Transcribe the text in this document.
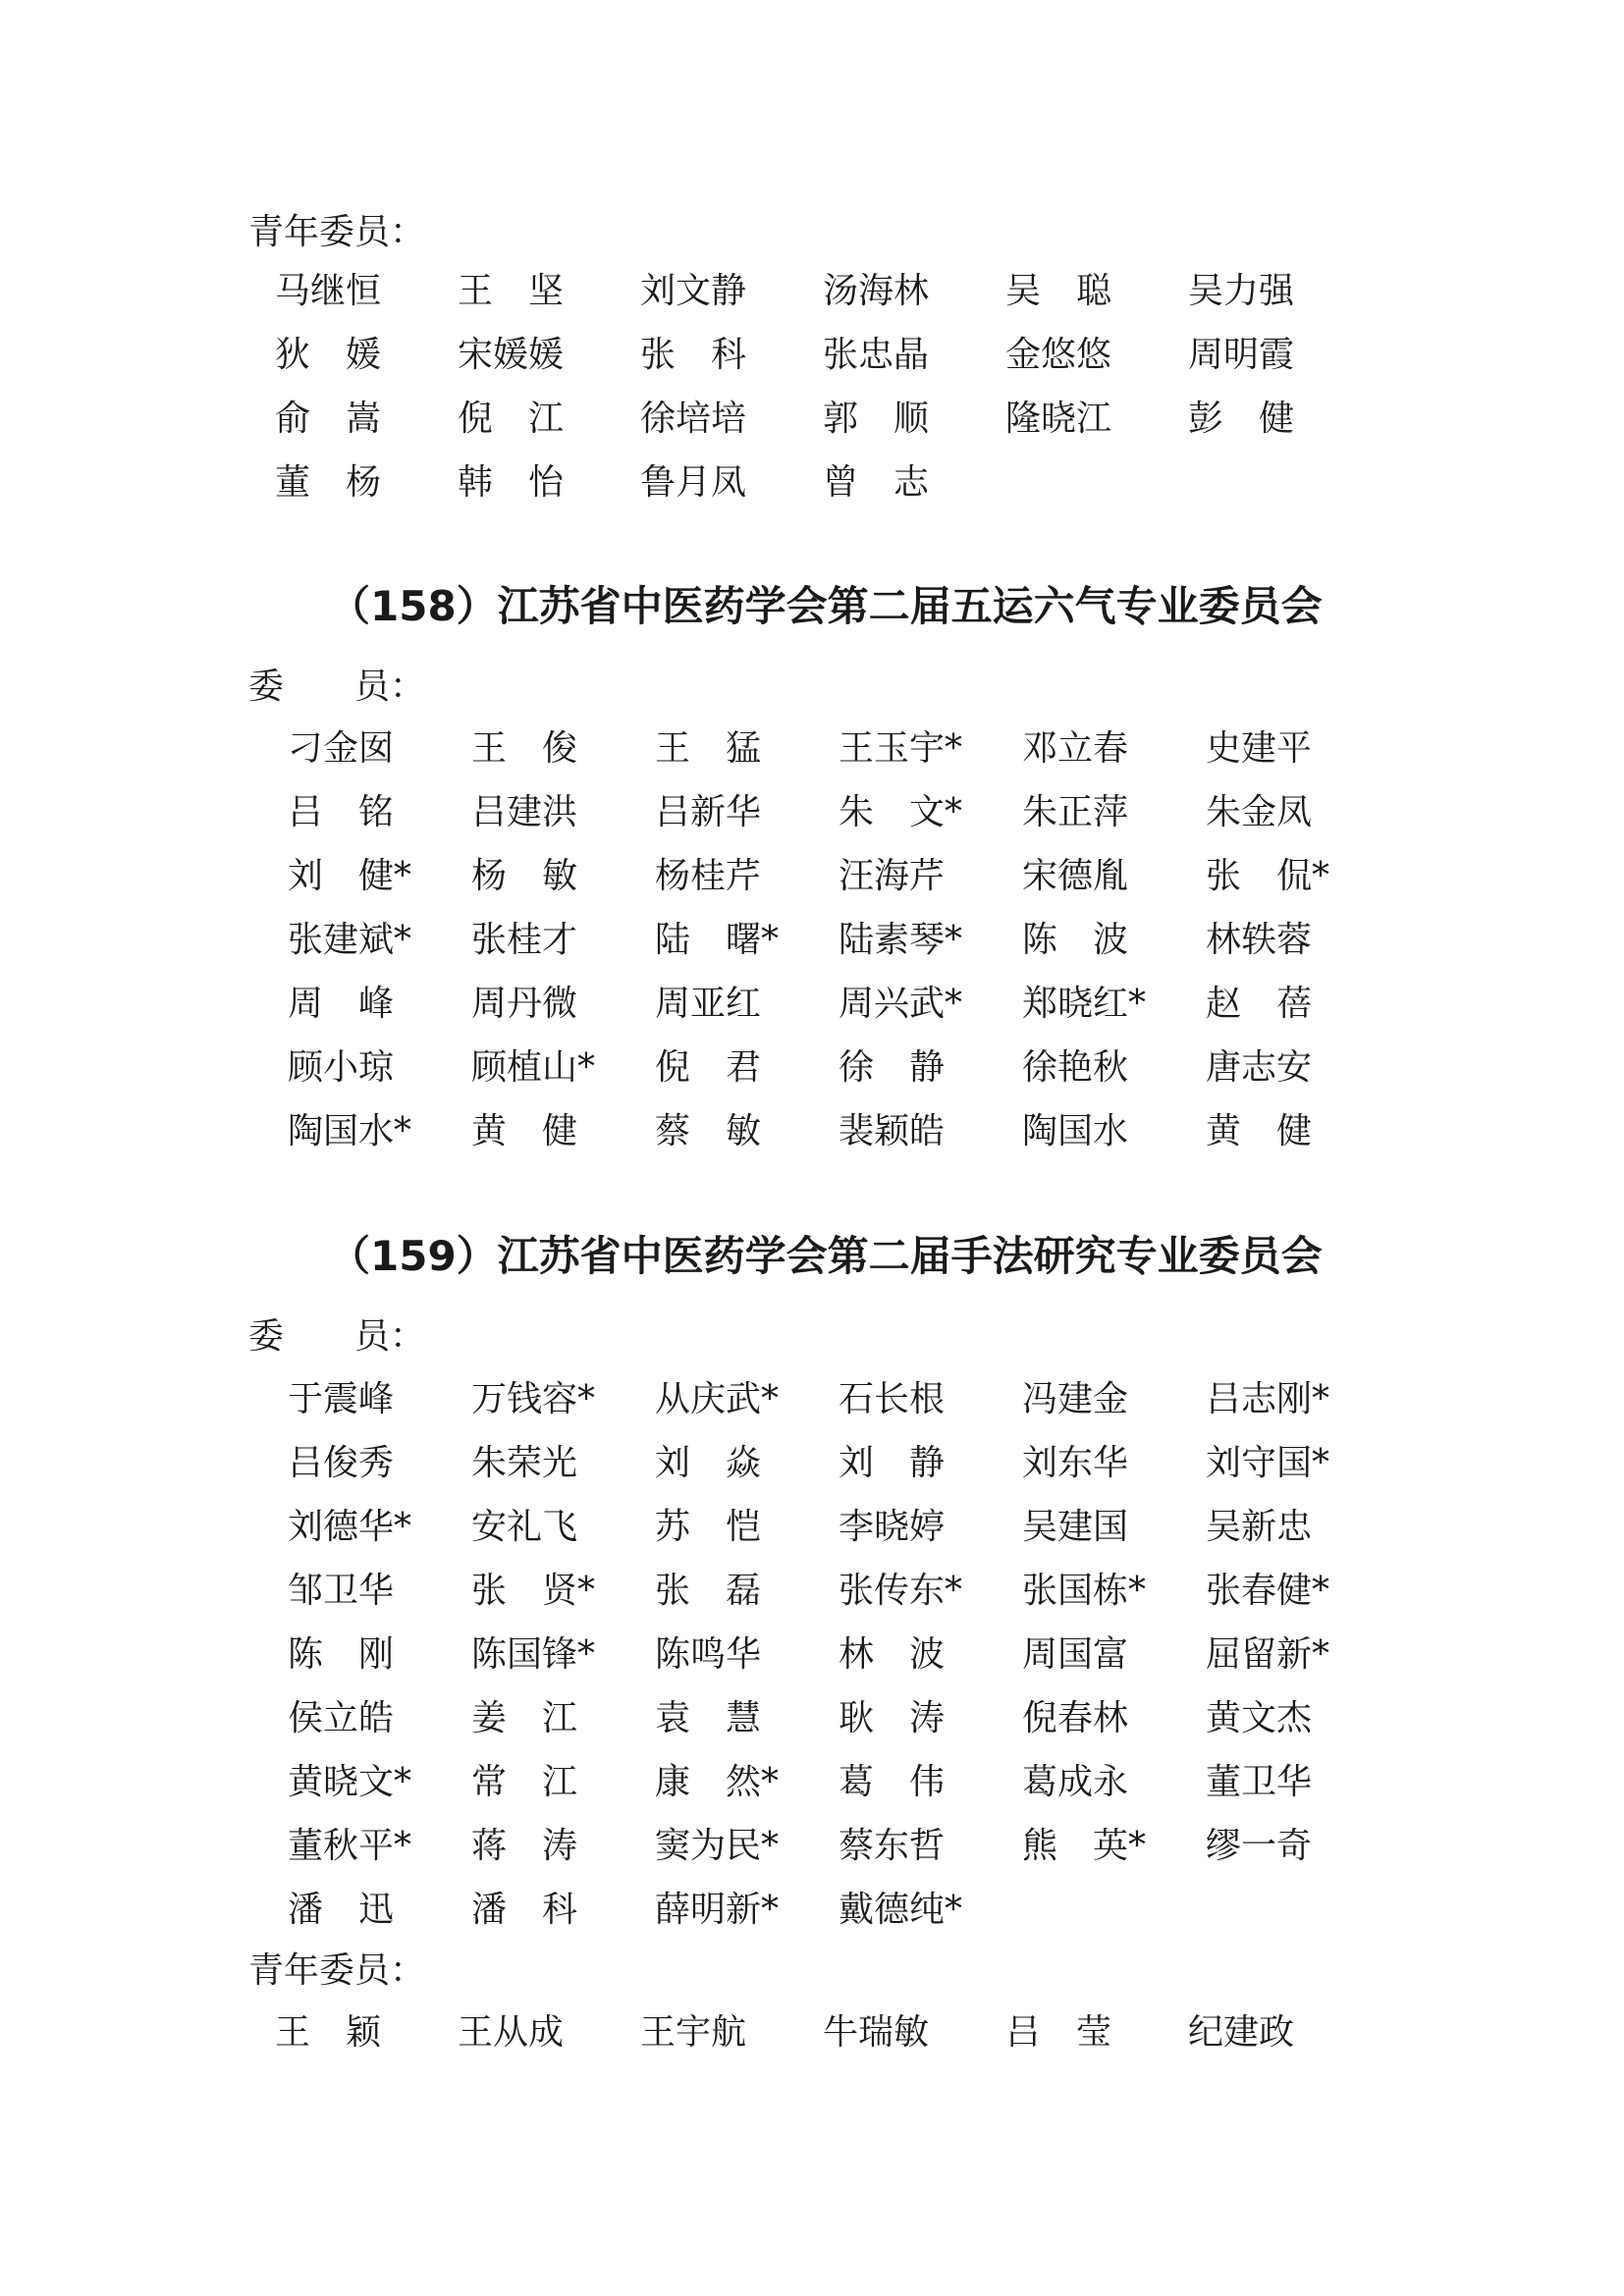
青年委员：
马继恒	王　坚	刘文静	汤海林	吴　聪	吴力强
狄　媛	宋媛媛	张　科	张忠晶	金悠悠	周明霞
俞　嵩	倪　江	徐培培	郭　顺	隆晓江	彭　健
董　杨	韩　怡	鲁月凤	曾　志
（158）江苏省中医药学会第二届五运六气专业委员会
委　　员：
刁金囡	王　俊	王　猛	王玉宇*	邓立春	史建平
吕　铭	吕建洪	吕新华	朱　文*	朱正萍	朱金凤
刘　健*	杨　敏	杨桂芹	汪海芹	宋德胤	张　侃*
张建斌*	张桂才	陆　曙*	陆素琴*	陈　波	林轶蓉
周　峰	周丹微	周亚红	周兴武*	郑晓红*	赵　蓓
顾小琼	顾植山*	倪　君	徐　静	徐艳秋	唐志安
陶国水*	黄　健	蔡　敏	裴颖皓	陶国水	黄　健
（159）江苏省中医药学会第二届手法研究专业委员会
委　　员：
于震峰	万钱容*	从庆武*	石长根	冯建金	吕志刚*
吕俊秀	朱荣光	刘　焱	刘　静	刘东华	刘守国*
刘德华*	安礼飞	苏　恺	李晓婷	吴建国	吴新忠
邹卫华	张　贤*	张　磊	张传东*	张国栋*	张春健*
陈　刚	陈国锋*	陈鸣华	林　波	周国富	屈留新*
侯立皓	姜　江	袁　慧	耿　涛	倪春林	黄文杰
黄晓文*	常　江	康　然*	葛　伟	葛成永	董卫华
董秋平*	蒋　涛	窦为民*	蔡东哲	熊　英*	缪一奇
潘　迅	潘　科	薛明新*	戴德纯*
青年委员：
王　颖	王从成	王宇航	牛瑞敏	吕　莹	纪建政
